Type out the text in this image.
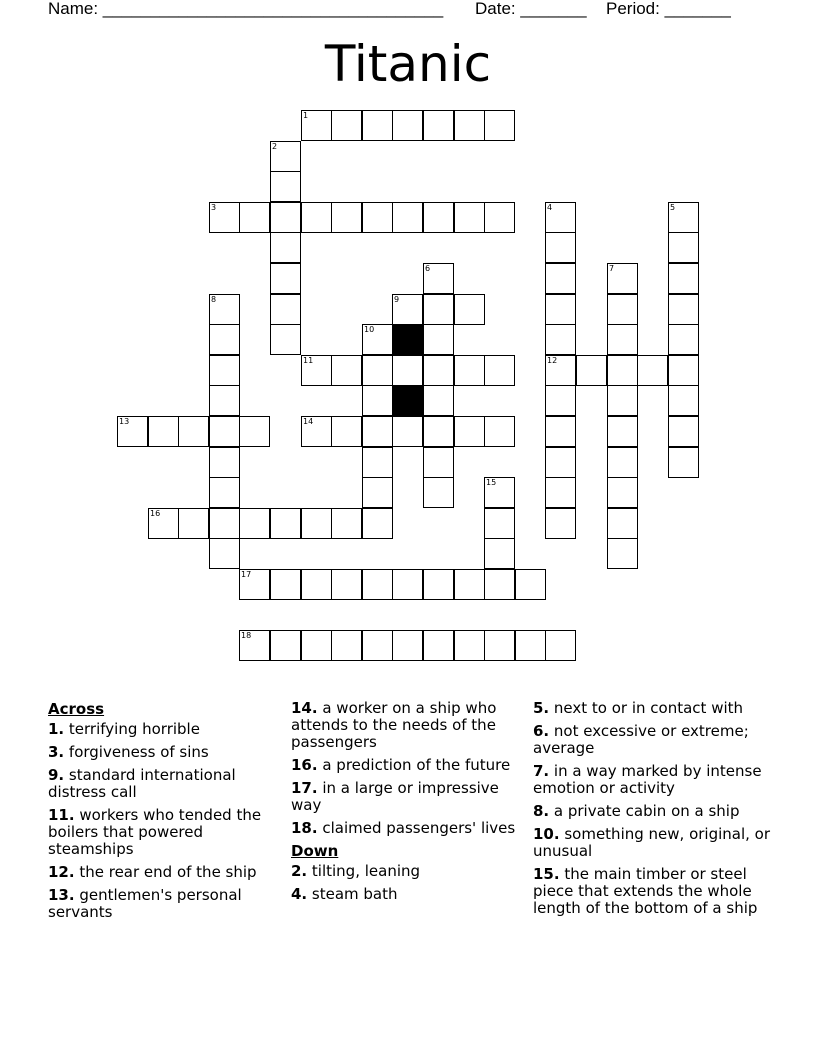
Name: ____________________________________ Date: _______ Period: _______
Titanic
1
2
3	4	5
6	7
8	9
10
11	12
13	14
15
16
17
18
Across
1. terrifying horrible
3. forgiveness of sins
9. standard international distress call
11. workers who tended the boilers that powered steamships
12. the rear end of the ship
13. gentlemen's personal servants
14. a worker on a ship who attends to the needs of the passengers
16. a prediction of the future
17. in a large or impressive way
18. claimed passengers' lives
Down
2. tilting, leaning
4. steam bath
5. next to or in contact with
6. not excessive or extreme; average
7. in a way marked by intense emotion or activity
8. a private cabin on a ship
10. something new, original, or unusual
15. the main timber or steel piece that extends the whole length of the bottom of a ship
